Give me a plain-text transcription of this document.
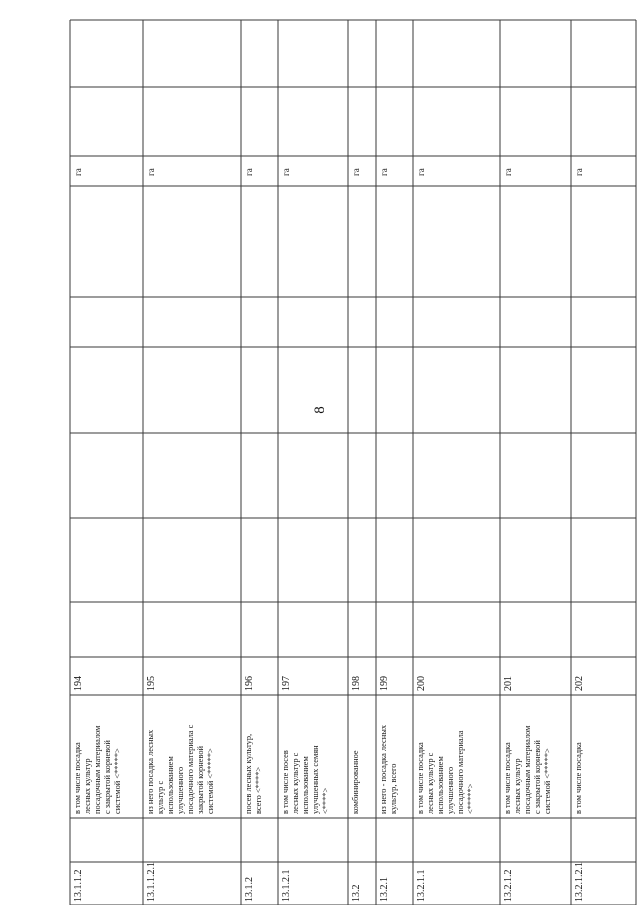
13.1.1.2
в том числе посадка лесных культур посадочным материалом с закрытой корневой системой <*****>
194
га
13.1.1.2.1
из него посадка лесных культур с использованием улучшенного посадочного материала с закрытой корневой системой <*****>
195
га
13.1.2
посев лесных культур, всего <****>
196
га
13.1.2.1
в том числе посев лесных культур с использованием улучшенных семян <****>
197
га
13.2
комбинированное
198
га
13.2.1
из него - посадка лесных культур, всего
199
га
13.2.1.1
в том числе посадка лесных культур с использованием улучшенного посадочного материала <*****>
200
га
13.2.1.2
в том числе посадка лесных культур посадочным материалом с закрытой корневой системой <*****>
201
га
13.2.1.2.1
в том числе посадка
202
га
8
